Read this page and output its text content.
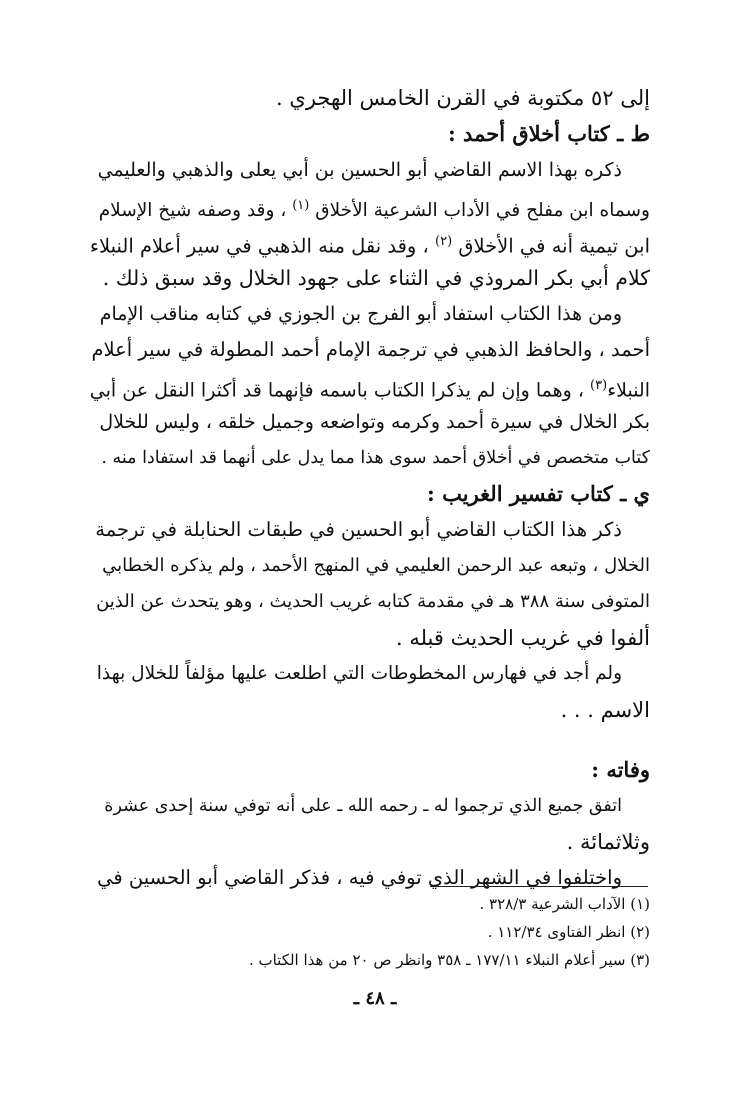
إلى ٥٢ مكتوبة في القرن الخامس الهجري .
ط ـ كتاب أخلاق أحمد :
ذكره بهذا الاسم القاضي أبو الحسين بن أبي يعلى والذهبي والعليمي
وسماه ابن مفلح في الأداب الشرعية الأخلاق $^{(١)}$ ، وقد وصفه شيخ الإسلام
ابن تيمية أنه في الأخلاق $^{(٢)}$ ، وقد نقل منه الذهبي في سير أعلام النبلاء
كلام أبي بكر المروذي في الثناء على جهود الخلال وقد سبق ذلك .
ومن هذا الكتاب استفاد أبو الفرج بن الجوزي في كتابه مناقب الإمام
أحمد ، والحافظ الذهبي في ترجمة الإمام أحمد المطولة في سير أعلام
النبلاء$^{(٣)}$ ، وهما وإن لم يذكرا الكتاب باسمه فإنهما قد أكثرا النقل عن أبي
بكر الخلال في سيرة أحمد وكرمه وتواضعه وجميل خلقه ، وليس للخلال
كتاب متخصص في أخلاق أحمد سوى هذا مما يدل على أنهما قد استفادا منه .
ي ـ كتاب تفسير الغريب :
ذكر هذا الكتاب القاضي أبو الحسين في طبقات الحنابلة في ترجمة
الخلال ، وتبعه عبد الرحمن العليمي في المنهج الأحمد ، ولم يذكره الخطابي
المتوفى سنة ٣٨٨ هـ في مقدمة كتابه غريب الحديث ، وهو يتحدث عن الذين
ألفوا في غريب الحديث قبله .
ولم أجد في فهارس المخطوطات التي اطلعت عليها مؤلفاً للخلال بهذا
الاسم . . .
وفاته :
اتفق جميع الذي ترجموا له ـ رحمه الله ـ على أنه توفي سنة إحدى عشرة
وثلاثمائة .
واختلفوا في الشهر الذي توفي فيه ، فذكر القاضي أبو الحسين في
(١) الآداب الشرعية ٣٢٨/٣ .
(٢) انظر الفتاوى ١١٢/٣٤ .
(٣) سير أعلام النبلاء ١٧٧/١١ ـ ٣٥٨ وانظر ص ٢٠ من هذا الكتاب .
ـ ٤٨ ـ
